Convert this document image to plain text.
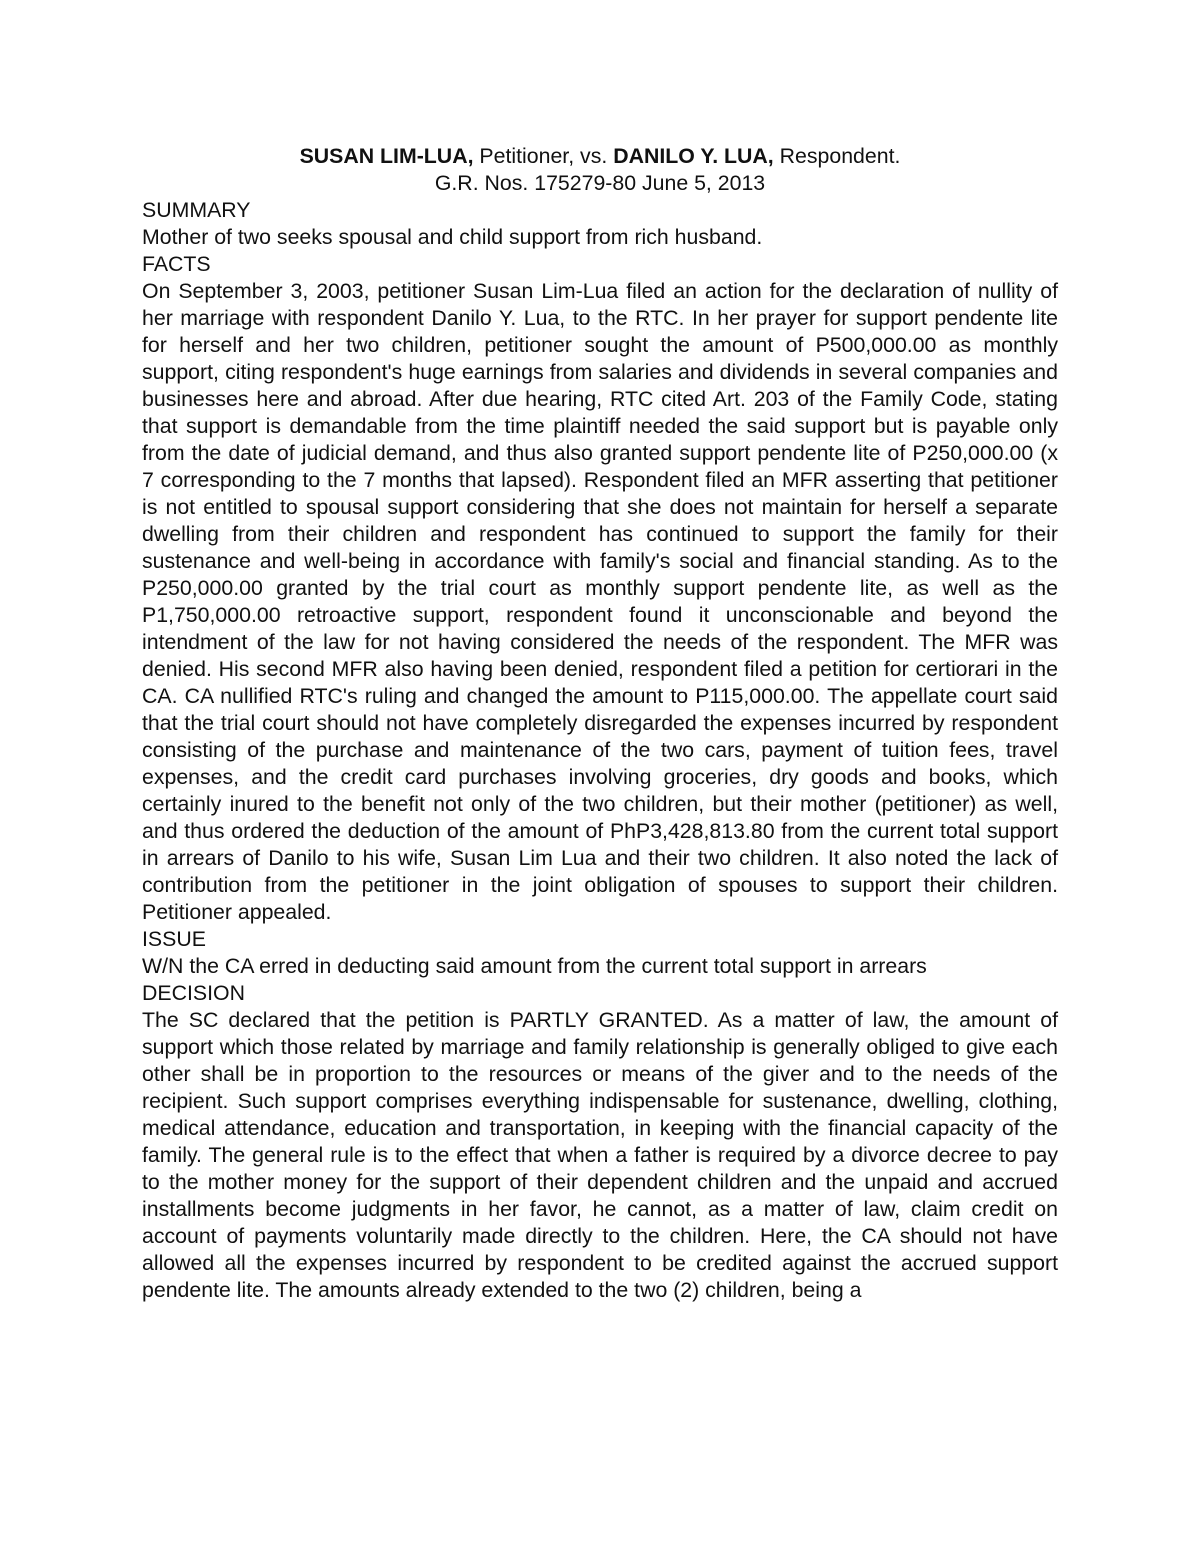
SUSAN LIM-LUA, Petitioner, vs. DANILO Y. LUA, Respondent.
G.R. Nos. 175279-80 June 5, 2013
SUMMARY
Mother of two seeks spousal and child support from rich husband.
FACTS
On September 3, 2003, petitioner Susan Lim-Lua filed an action for the declaration of nullity of her marriage with respondent Danilo Y. Lua, to the RTC. In her prayer for support pendente lite for herself and her two children, petitioner sought the amount of P500,000.00 as monthly support, citing respondent's huge earnings from salaries and dividends in several companies and businesses here and abroad. After due hearing, RTC cited Art. 203 of the Family Code, stating that support is demandable from the time plaintiff needed the said support but is payable only from the date of judicial demand, and thus also granted support pendente lite of P250,000.00 (x 7 corresponding to the 7 months that lapsed). Respondent filed an MFR asserting that petitioner is not entitled to spousal support considering that she does not maintain for herself a separate dwelling from their children and respondent has continued to support the family for their sustenance and well-being in accordance with family's social and financial standing. As to the P250,000.00 granted by the trial court as monthly support pendente lite, as well as the P1,750,000.00 retroactive support, respondent found it unconscionable and beyond the intendment of the law for not having considered the needs of the respondent. The MFR was denied. His second MFR also having been denied, respondent filed a petition for certiorari in the CA. CA nullified RTC's ruling and changed the amount to P115,000.00. The appellate court said that the trial court should not have completely disregarded the expenses incurred by respondent consisting of the purchase and maintenance of the two cars, payment of tuition fees, travel expenses, and the credit card purchases involving groceries, dry goods and books, which certainly inured to the benefit not only of the two children, but their mother (petitioner) as well, and thus ordered the deduction of the amount of PhP3,428,813.80 from the current total support in arrears of Danilo to his wife, Susan Lim Lua and their two children. It also noted the lack of contribution from the petitioner in the joint obligation of spouses to support their children. Petitioner appealed.
ISSUE
W/N the CA erred in deducting said amount from the current total support in arrears
DECISION
The SC declared that the petition is PARTLY GRANTED. As a matter of law, the amount of support which those related by marriage and family relationship is generally obliged to give each other shall be in proportion to the resources or means of the giver and to the needs of the recipient. Such support comprises everything indispensable for sustenance, dwelling, clothing, medical attendance, education and transportation, in keeping with the financial capacity of the family. The general rule is to the effect that when a father is required by a divorce decree to pay to the mother money for the support of their dependent children and the unpaid and accrued installments become judgments in her favor, he cannot, as a matter of law, claim credit on account of payments voluntarily made directly to the children. Here, the CA should not have allowed all the expenses incurred by respondent to be credited against the accrued support pendente lite. The amounts already extended to the two (2) children, being a
